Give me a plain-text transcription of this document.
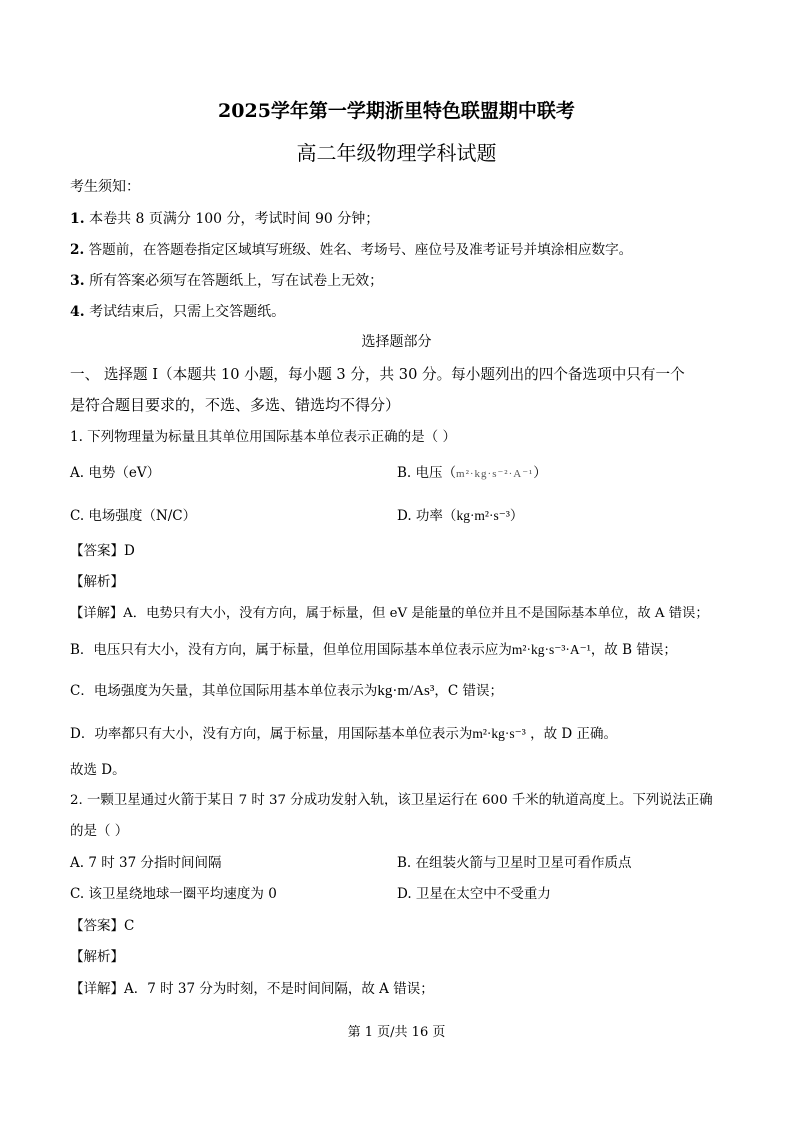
2025学年第一学期浙里特色联盟期中联考
高二年级物理学科试题
考生须知：
1. 本卷共 8 页满分 100 分，考试时间 90 分钟；
2. 答题前，在答题卷指定区域填写班级、姓名、考场号、座位号及准考证号并填涂相应数字。
3. 所有答案必须写在答题纸上，写在试卷上无效；
4. 考试结束后，只需上交答题纸。
选择题部分
一、 选择题 I（本题共 10 小题，每小题 3 分，共 30 分。每小题列出的四个备选项中只有一个
是符合题目要求的，不选、多选、错选均不得分）
1. 下列物理量为标量且其单位用国际基本单位表示正确的是（ ）
A. 电势（eV）	B. 电压（m²·kg·s⁻²·A⁻¹）
C. 电场强度（N/C）	D. 功率（kg·m²·s⁻³）
【答案】D
【解析】
【详解】A．电势只有大小，没有方向，属于标量，但 eV 是能量的单位并且不是国际基本单位，故 A 错误；
B．电压只有大小，没有方向，属于标量，但单位用国际基本单位表示应为m²·kg·s⁻³·A⁻¹，故 B 错误；
C．电场强度为矢量，其单位国际用基本单位表示为kg·m/As³，C 错误；
D．功率都只有大小，没有方向，属于标量，用国际基本单位表示为m²·kg·s⁻³ ，故 D 正确。
故选 D。
2. 一颗卫星通过火箭于某日 7 时 37 分成功发射入轨，该卫星运行在 600 千米的轨道高度上。下列说法正确
的是（ ）
A. 7 时 37 分指时间间隔	B. 在组装火箭与卫星时卫星可看作质点
C. 该卫星绕地球一圈平均速度为 0	D. 卫星在太空中不受重力
【答案】C
【解析】
【详解】A．7 时 37 分为时刻，不是时间间隔，故 A 错误；
第 1 页/共 16 页
